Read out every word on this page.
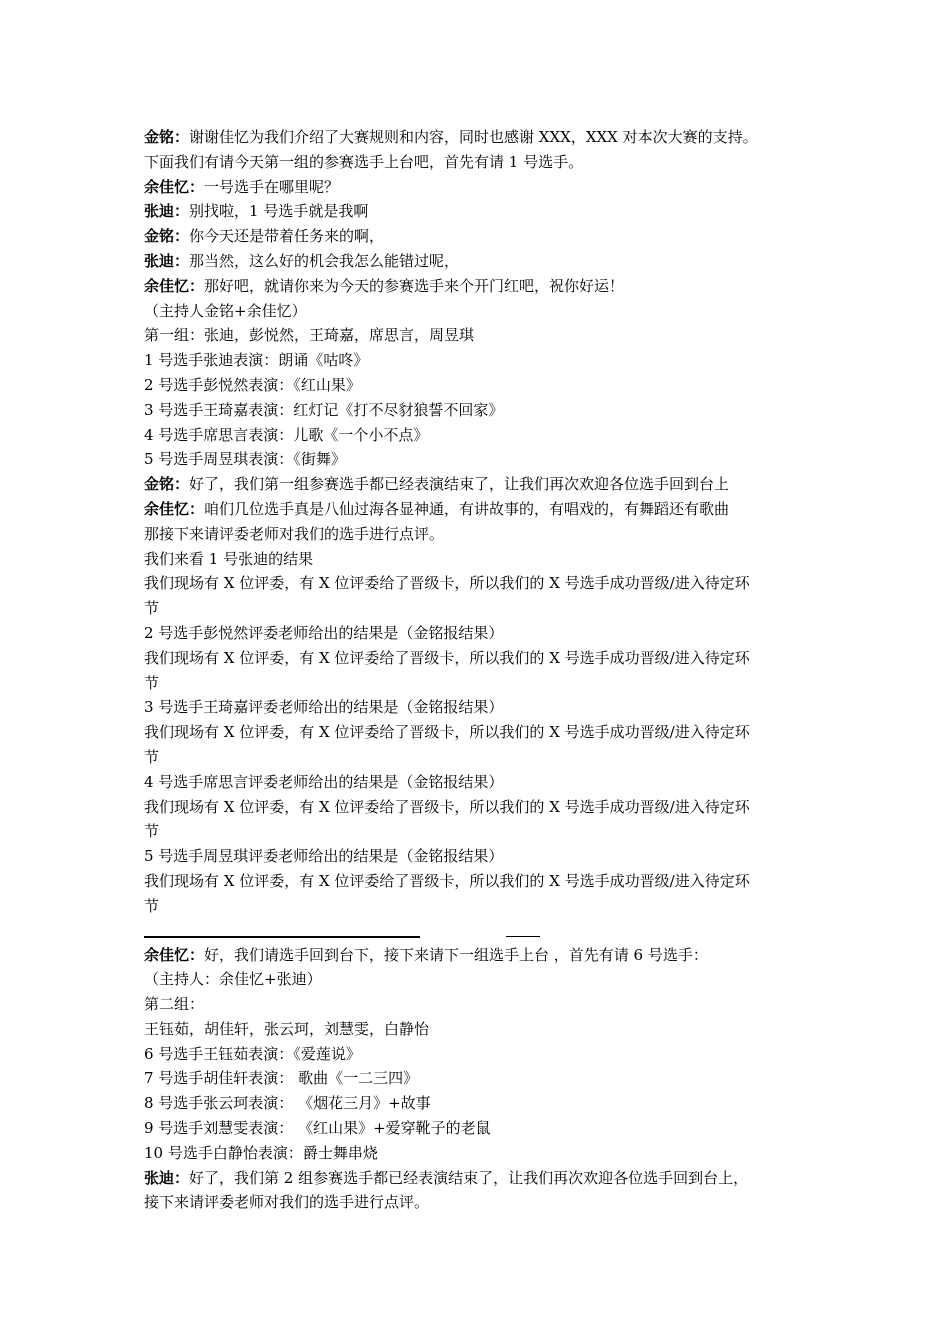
金铭：谢谢佳忆为我们介绍了大赛规则和内容，同时也感谢 XXX，XXX 对本次大赛的支持。
下面我们有请今天第一组的参赛选手上台吧，首先有请 1 号选手。
余佳忆：一号选手在哪里呢？
张迪：别找啦，1 号选手就是我啊
金铭：你今天还是带着任务来的啊，
张迪：那当然，这么好的机会我怎么能错过呢，
余佳忆：那好吧，就请你来为今天的参赛选手来个开门红吧，祝你好运！
（主持人金铭+余佳忆）
第一组：张迪，彭悦然，王琦嘉，席思言，周昱琪
1 号选手张迪表演：朗诵《咕咚》
2 号选手彭悦然表演：《红山果》
3 号选手王琦嘉表演：红灯记《打不尽豺狼誓不回家》
4 号选手席思言表演：儿歌《一个小不点》
5 号选手周昱琪表演：《街舞》
金铭：好了，我们第一组参赛选手都已经表演结束了，让我们再次欢迎各位选手回到台上
余佳忆：咱们几位选手真是八仙过海各显神通，有讲故事的，有唱戏的，有舞蹈还有歌曲
那接下来请评委老师对我们的选手进行点评。
我们来看 1 号张迪的结果
我们现场有 X 位评委，有 X 位评委给了晋级卡，所以我们的 X 号选手成功晋级/进入待定环
节
2 号选手彭悦然评委老师给出的结果是（金铭报结果）
我们现场有 X 位评委，有 X 位评委给了晋级卡，所以我们的 X 号选手成功晋级/进入待定环
节
3 号选手王琦嘉评委老师给出的结果是（金铭报结果）
我们现场有 X 位评委，有 X 位评委给了晋级卡，所以我们的 X 号选手成功晋级/进入待定环
节
4 号选手席思言评委老师给出的结果是（金铭报结果）
我们现场有 X 位评委，有 X 位评委给了晋级卡，所以我们的 X 号选手成功晋级/进入待定环
节
5 号选手周昱琪评委老师给出的结果是（金铭报结果）
我们现场有 X 位评委，有 X 位评委给了晋级卡，所以我们的 X 号选手成功晋级/进入待定环
节
余佳忆：好，我们请选手回到台下，接下来请下一组选手上台 ，首先有请 6 号选手：
（主持人：余佳忆+张迪）
第二组：
王钰茹，胡佳轩，张云珂，刘慧雯，白静怡
6 号选手王钰茹表演：《爱莲说》
7 号选手胡佳轩表演： 歌曲《一二三四》
8 号选手张云珂表演： 《烟花三月》+故事
9 号选手刘慧雯表演： 《红山果》+爱穿靴子的老鼠
10 号选手白静怡表演：爵士舞串烧
张迪：好了，我们第 2 组参赛选手都已经表演结束了，让我们再次欢迎各位选手回到台上，
接下来请评委老师对我们的选手进行点评。
